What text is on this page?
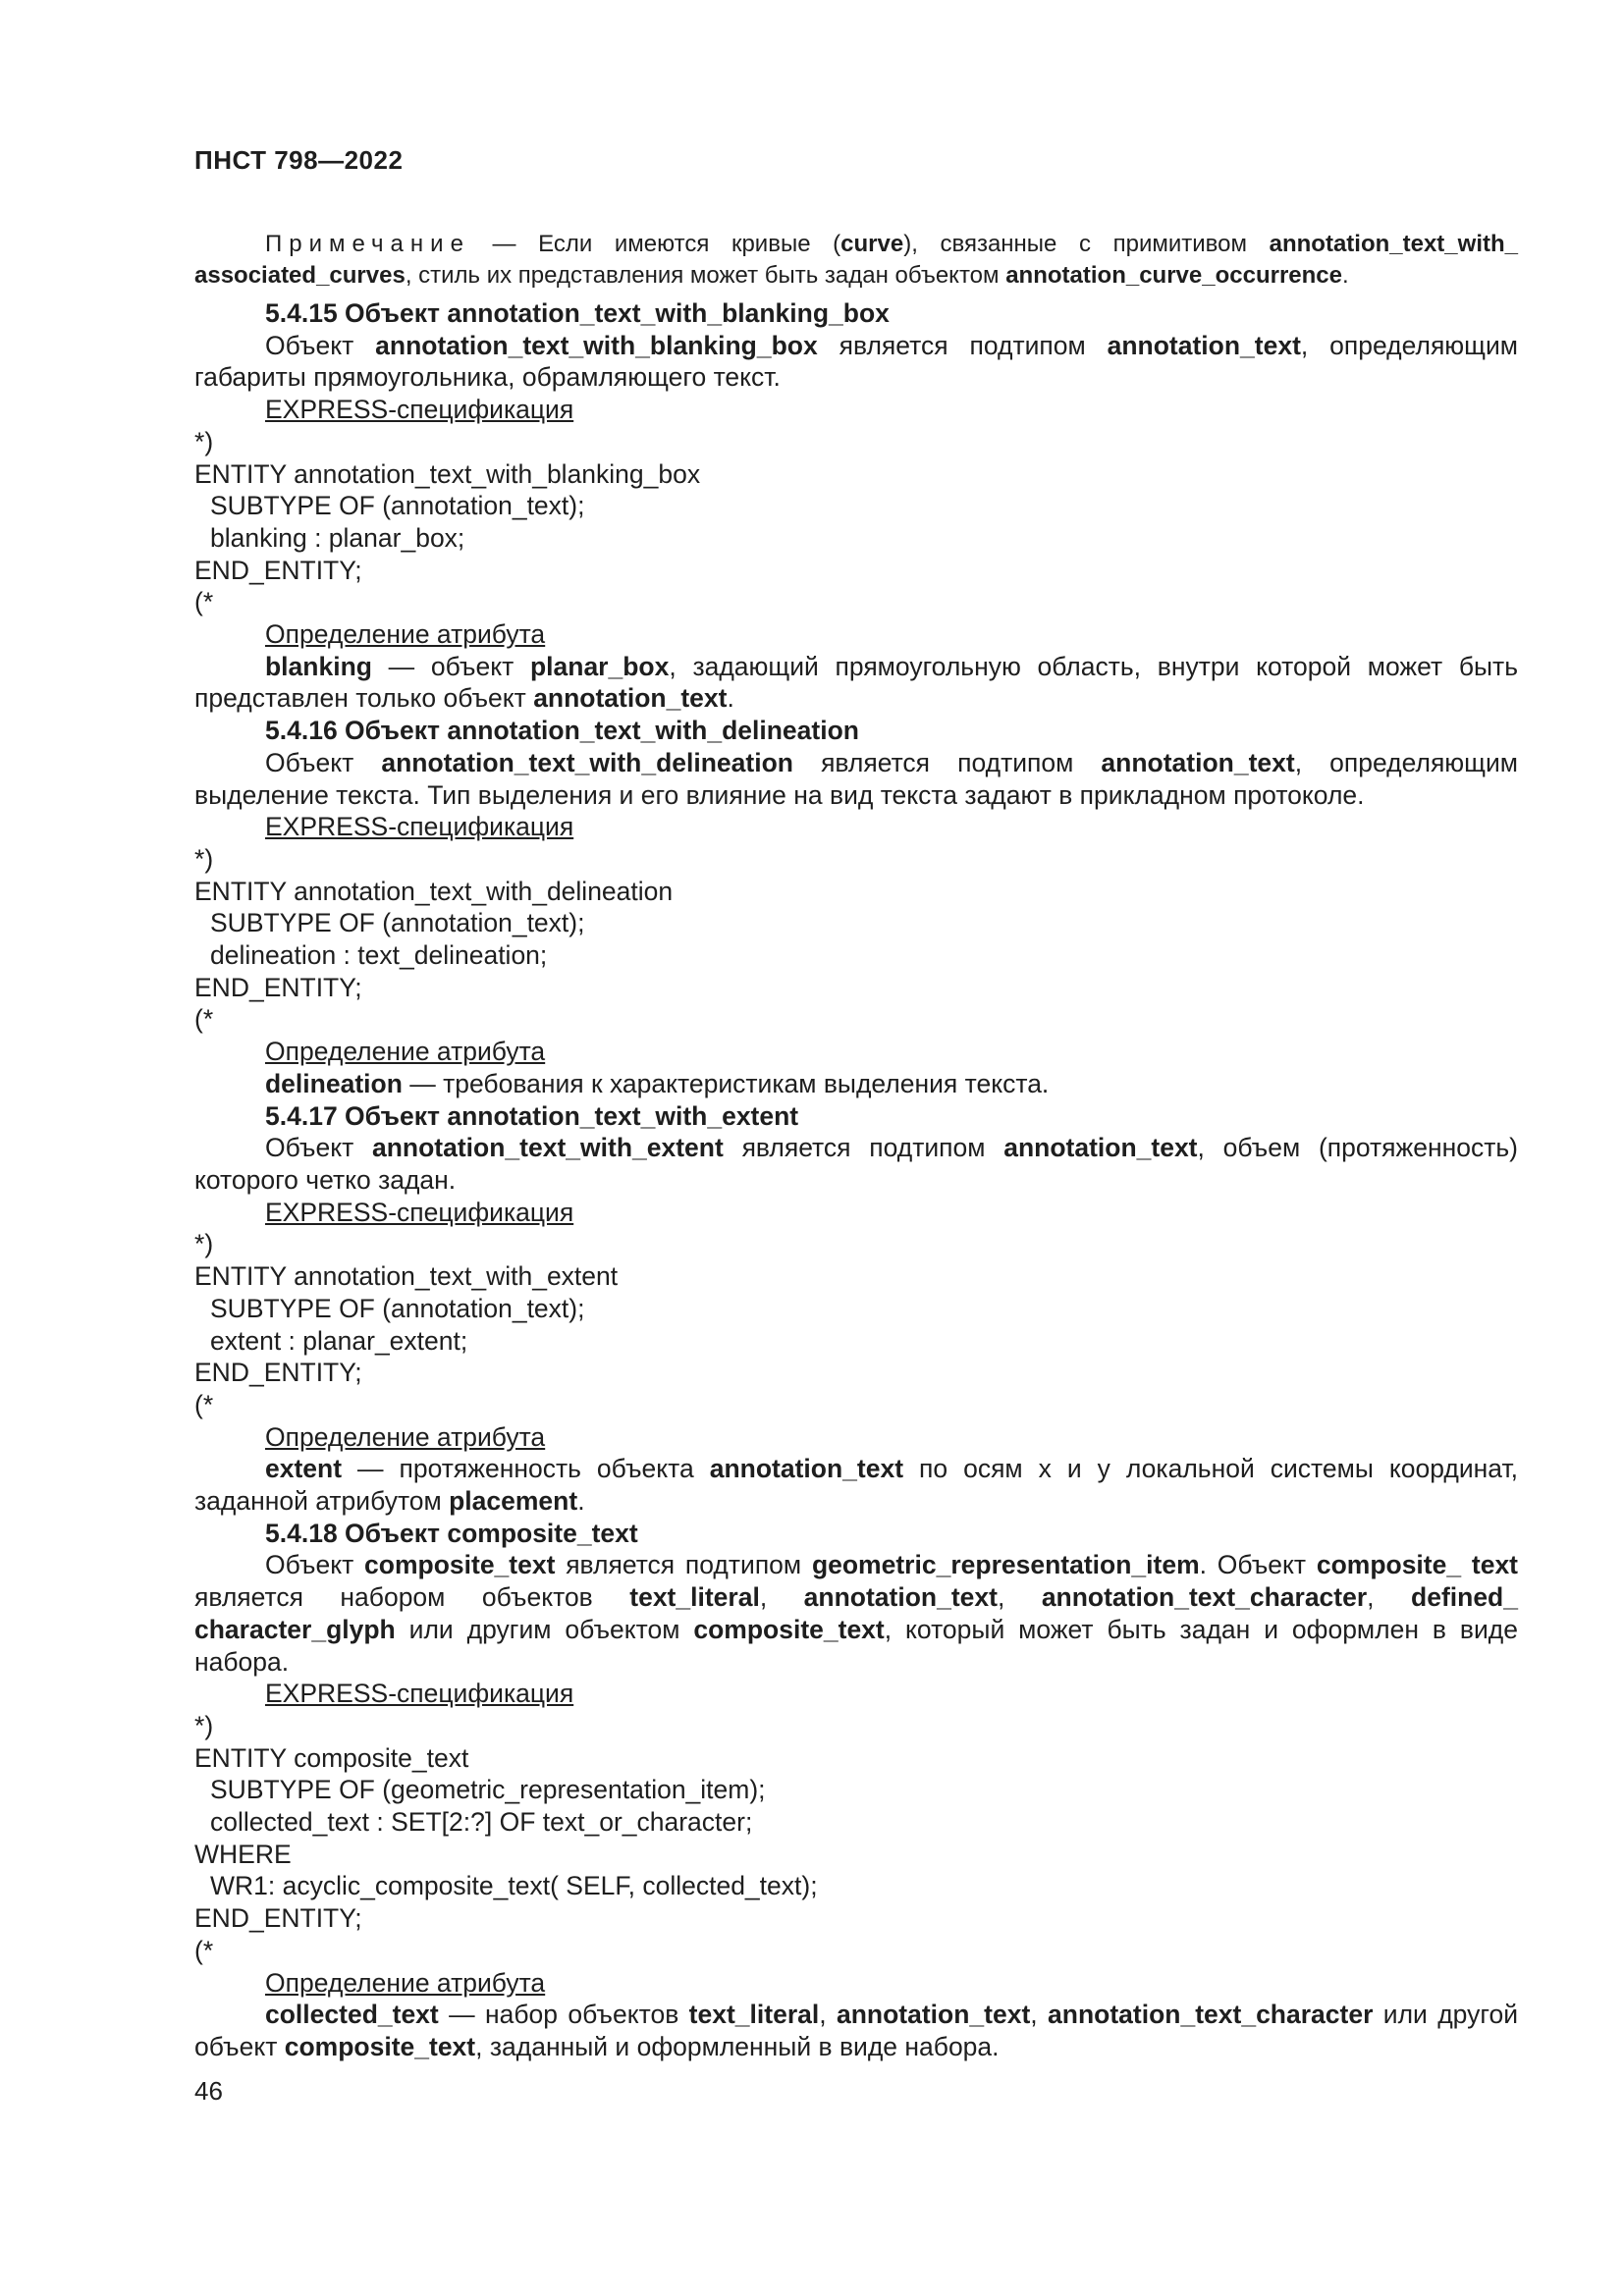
ПНСТ 798—2022
Примечание — Если имеются кривые (curve), связанные с примитивом annotation_text_with_ associated_curves, стиль их представления может быть задан объектом annotation_curve_occurrence.
5.4.15 Объект annotation_text_with_blanking_box
Объект annotation_text_with_blanking_box является подтипом annotation_text, определяющим габариты прямоугольника, обрамляющего текст.
EXPRESS-спецификация
*)
ENTITY annotation_text_with_blanking_box
SUBTYPE OF (annotation_text);
blanking : planar_box;
END_ENTITY;
(*
Определение атрибута
blanking — объект planar_box, задающий прямоугольную область, внутри которой может быть представлен только объект annotation_text.
5.4.16 Объект annotation_text_with_delineation
Объект annotation_text_with_delineation является подтипом annotation_text, определяющим выделение текста. Тип выделения и его влияние на вид текста задают в прикладном протоколе.
EXPRESS-спецификация
*)
ENTITY annotation_text_with_delineation
SUBTYPE OF (annotation_text);
delineation : text_delineation;
END_ENTITY;
(*
Определение атрибута
delineation — требования к характеристикам выделения текста.
5.4.17 Объект annotation_text_with_extent
Объект annotation_text_with_extent является подтипом annotation_text, объем (протяженность) которого четко задан.
EXPRESS-спецификация
*)
ENTITY annotation_text_with_extent
SUBTYPE OF (annotation_text);
extent : planar_extent;
END_ENTITY;
(*
Определение атрибута
extent — протяженность объекта annotation_text по осям x и y локальной системы координат, заданной атрибутом placement.
5.4.18 Объект composite_text
Объект composite_text является подтипом geometric_representation_item. Объект composite_ text является набором объектов text_literal, annotation_text, annotation_text_character, defined_ character_glyph или другим объектом composite_text, который может быть задан и оформлен в виде набора.
EXPRESS-спецификация
*)
ENTITY composite_text
SUBTYPE OF (geometric_representation_item);
collected_text : SET[2:?] OF text_or_character;
WHERE
WR1: acyclic_composite_text( SELF, collected_text);
END_ENTITY;
(*
Определение атрибута
collected_text — набор объектов text_literal, annotation_text, annotation_text_character или другой объект composite_text, заданный и оформленный в виде набора.
46
